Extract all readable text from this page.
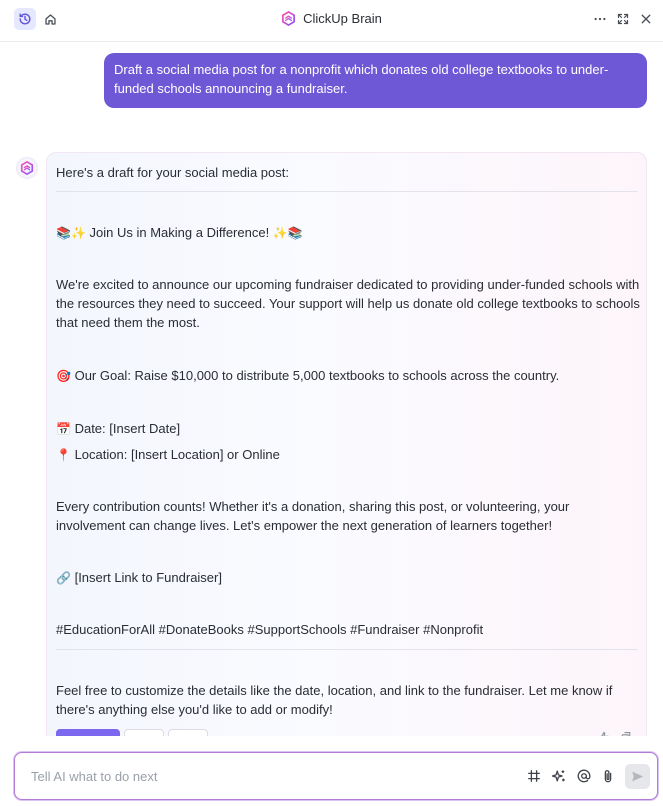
ClickUp Brain
Draft a social media post for a nonprofit which donates old college textbooks to under-funded schools announcing a fundraiser.

Here's a draft for your social media post:

📚✨ Join Us in Making a Difference! ✨📚

We're excited to announce our upcoming fundraiser dedicated to providing under-funded schools with the resources they need to succeed. Your support will help us donate old college textbooks to schools that need them the most.

🎯 Our Goal: Raise $10,000 to distribute 5,000 textbooks to schools across the country.

📅 Date: [Insert Date]

📍 Location: [Insert Location] or Online

Every contribution counts! Whether it's a donation, sharing this post, or volunteering, your involvement can change lives. Let's empower the next generation of learners together!

🔗 [Insert Link to Fundraiser]

#EducationForAll #DonateBooks #SupportSchools #Fundraiser #Nonprofit

Feel free to customize the details like the date, location, and link to the fundraiser. Let me know if there's anything else you'd like to add or modify!

Tell AI what to do next
